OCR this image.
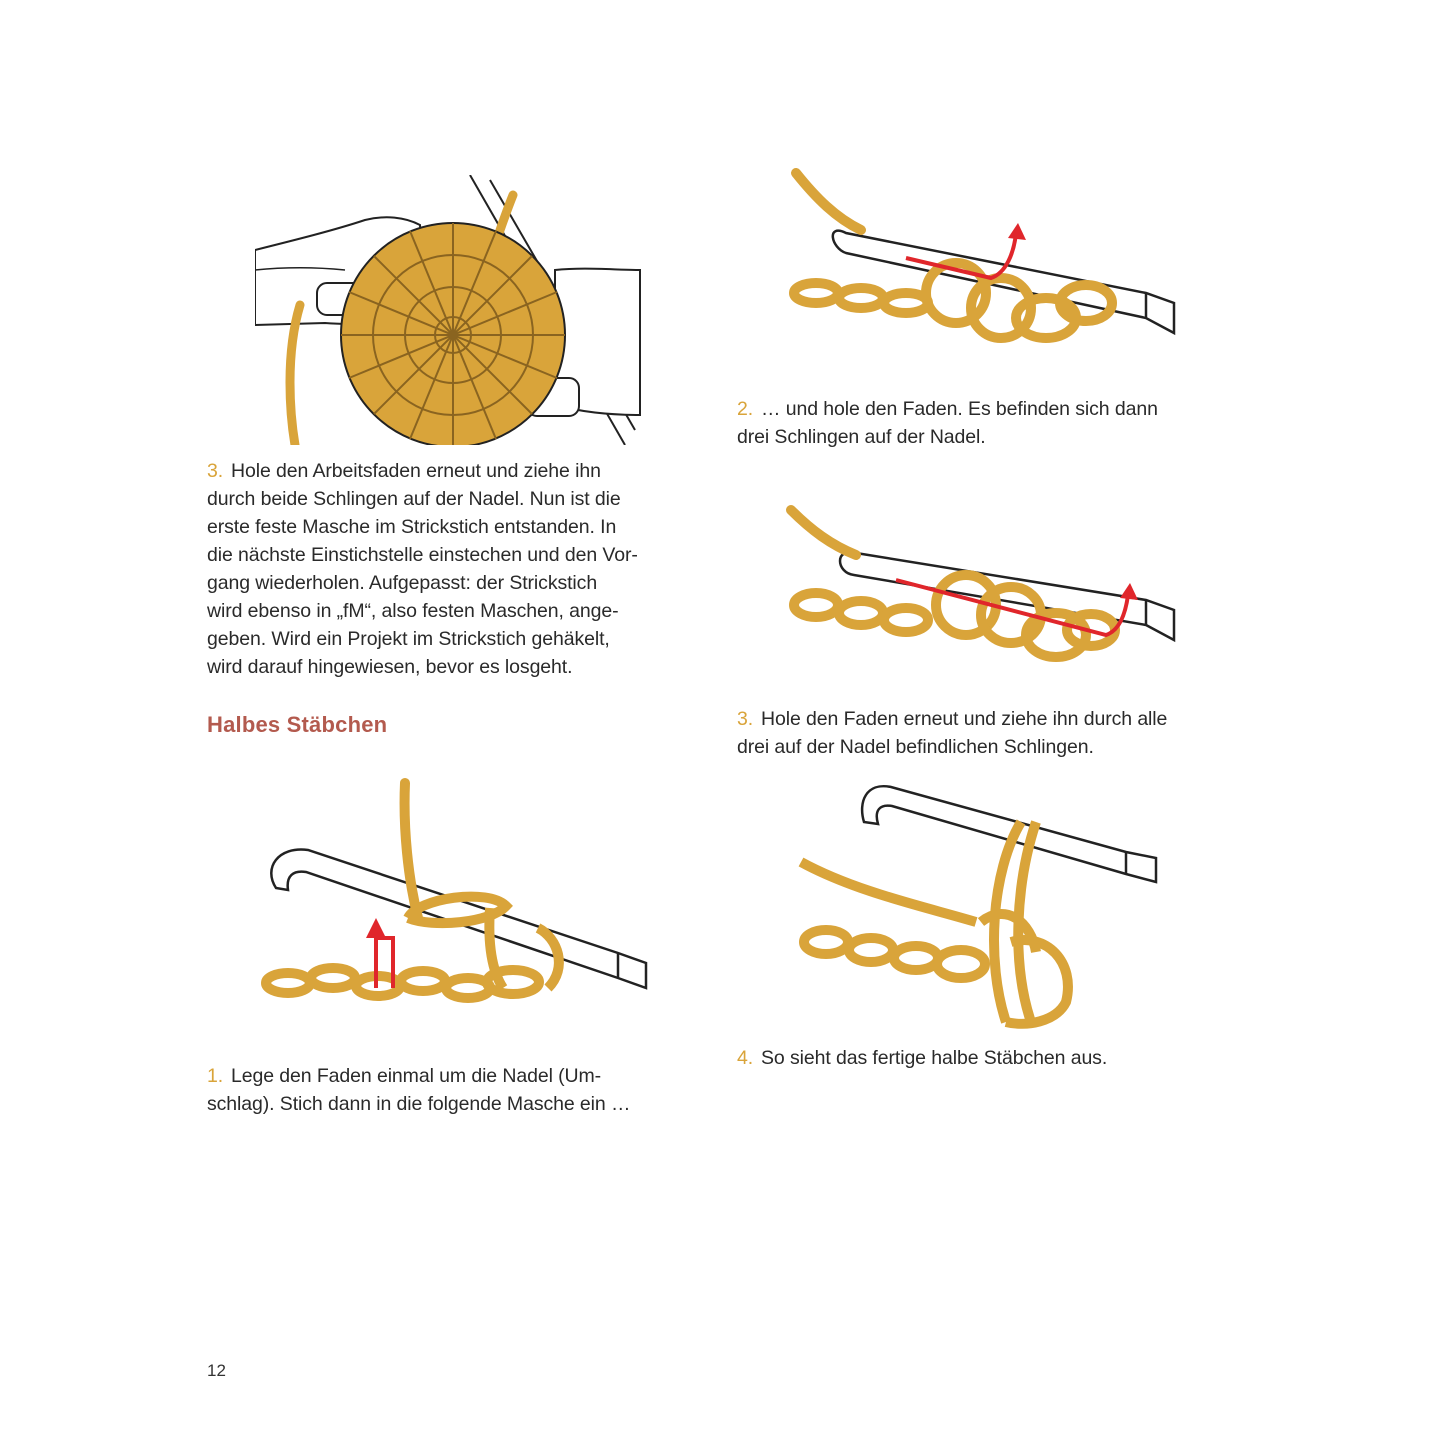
3. Hole den Arbeitsfaden erneut und ziehe ihn
durch beide Schlingen auf der Nadel. Nun ist die
erste feste Masche im Strickstich entstanden. In
die nächste Einstichstelle einstechen und den Vor-
gang wiederholen. Aufgepasst: der Strickstich
wird ebenso in „fM“, also festen Maschen, ange-
geben. Wird ein Projekt im Strickstich gehäkelt,
wird darauf hingewiesen, bevor es losgeht.
Halbes Stäbchen
1. Lege den Faden einmal um die Nadel (Um-
schlag). Stich dann in die folgende Masche ein …
2. … und hole den Faden. Es befinden sich dann
drei Schlingen auf der Nadel.
3. Hole den Faden erneut und ziehe ihn durch alle
drei auf der Nadel befindlichen Schlingen.
4. So sieht das fertige halbe Stäbchen aus.
12
